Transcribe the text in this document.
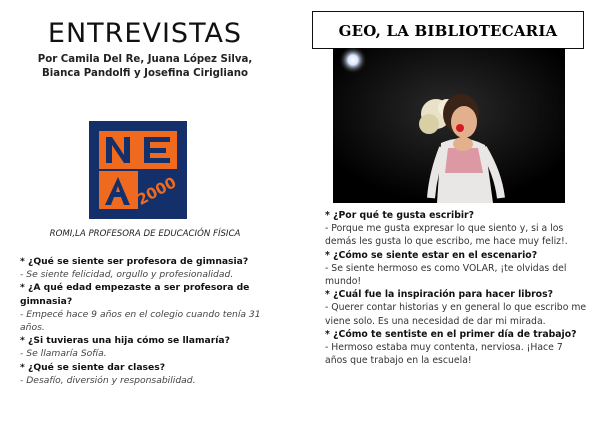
ENTREVISTAS
Por Camila Del Re, Juana López Silva,
Bianca Pandolfi y Josefina Cirigliano
2000
ROMI,LA PROFESORA DE EDUCACIÓN FÍSICA

* ¿Qué se siente ser profesora de gimnasia?

- Se siente felicidad, orgullo y profesionalidad.

* ¿A qué edad empezaste a ser profesora de gimnasia?

- Empecé hace 9 años en el colegio cuando tenía 31 años.

* ¿Si tuvieras una hija cómo se llamaría?

- Se llamaría Sofía.

* ¿Qué se siente dar clases?

- Desafío, diversión y responsabilidad.

GEO, LA BIBLIOTECARIA

* ¿Por qué te gusta escribir?

- Porque me gusta expresar lo que siento y, si a los demás les gusta lo que escribo, me hace muy feliz!.

* ¿Cómo se siente estar en el escenario?

- Se siente hermoso es como VOLAR, ¡te olvidas del mundo!

* ¿Cuál fue la inspiración para hacer libros?

- Querer contar historias y en general lo que escribo me viene solo. Es una necesidad de dar mi mirada.

* ¿Cómo te sentiste en el primer día de trabajo?

- Hermoso estaba muy contenta, nerviosa. ¡Hace 7 años que trabajo en la escuela!
